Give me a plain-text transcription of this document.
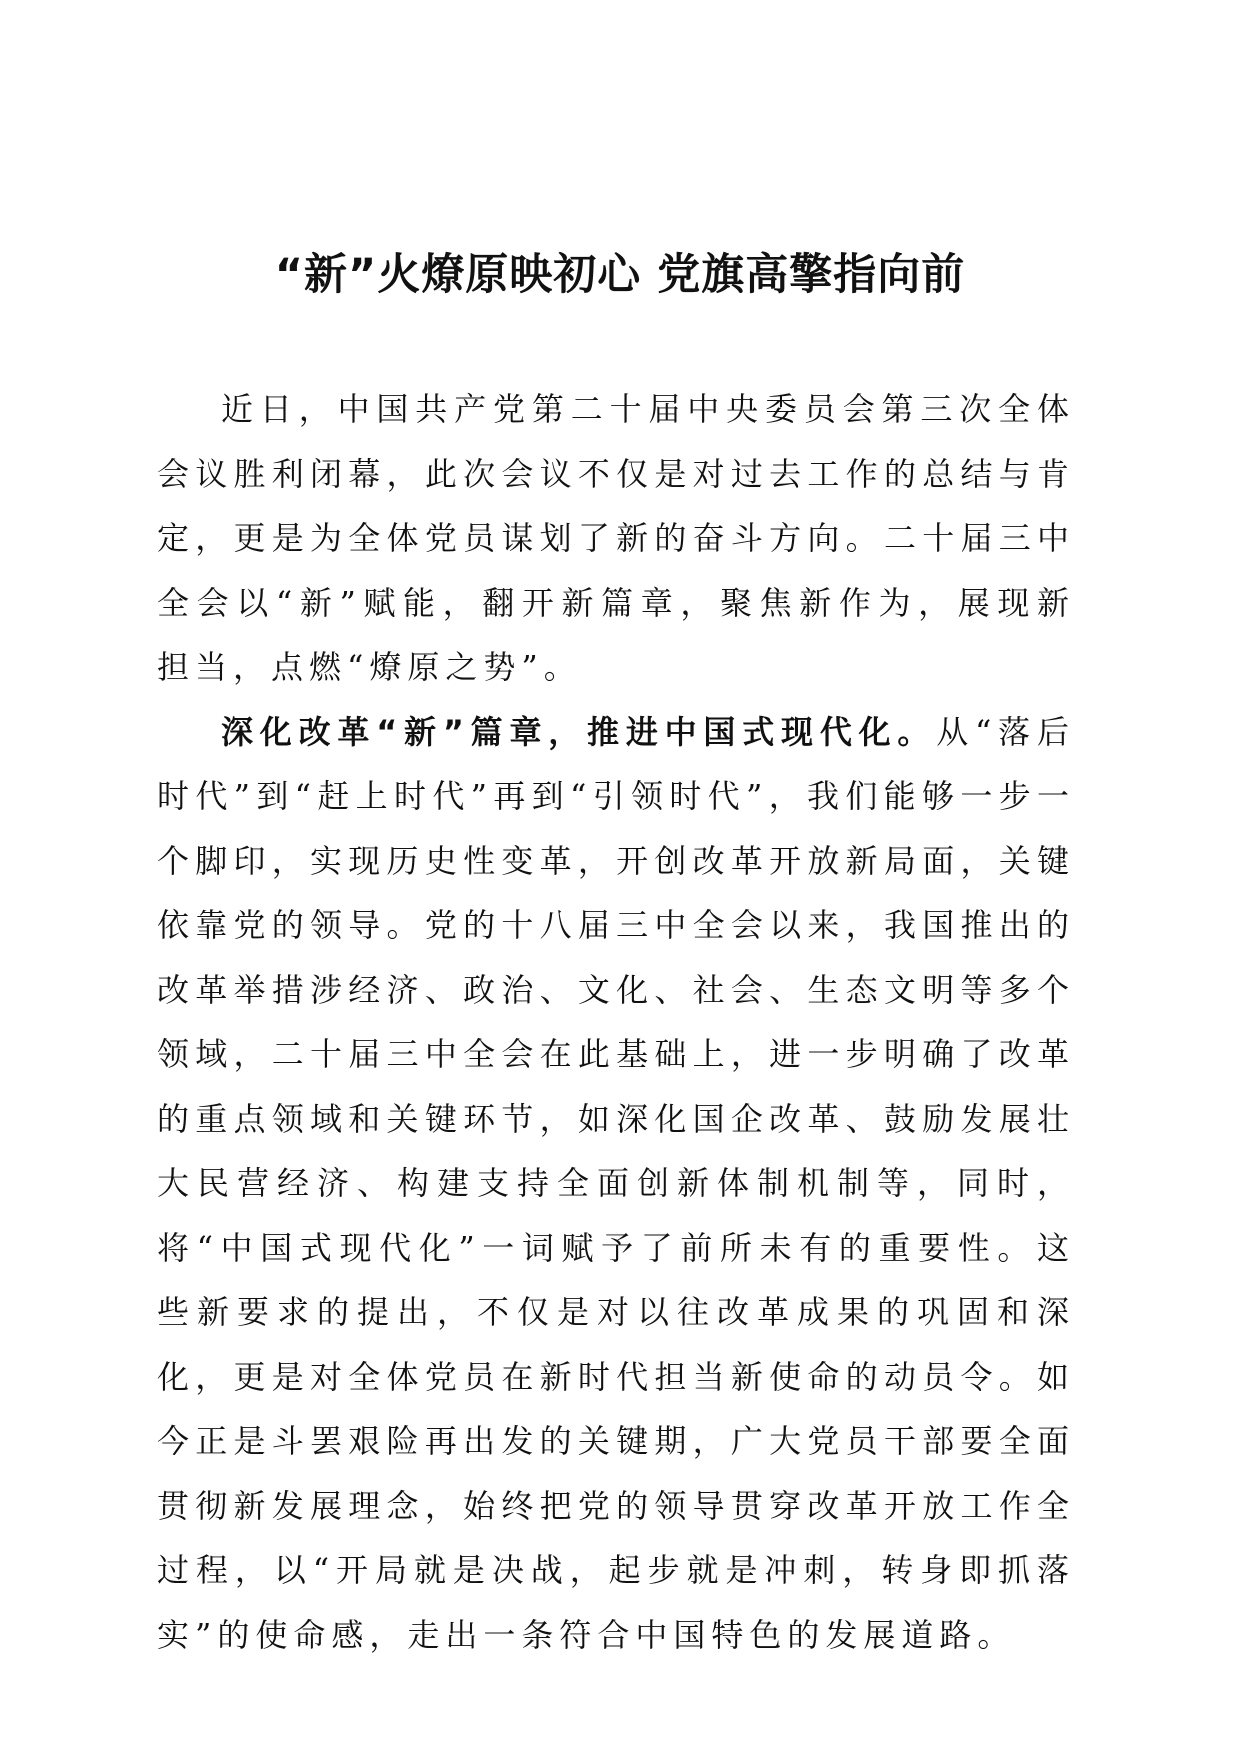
“新”火燎原映初心 党旗高擎指向前

近日，中国共产党第二十届中央委员会第三次全体会议胜利闭幕，此次会议不仅是对过去工作的总结与肯定，更是为全体党员谋划了新的奋斗方向。二十届三中全会以“新”赋能，翻开新篇章，聚焦新作为，展现新担当，点燃“燎原之势”。

深化改革“新”篇章，推进中国式现代化。从“落后时代”到“赶上时代”再到“引领时代”，我们能够一步一个脚印，实现历史性变革，开创改革开放新局面，关键依靠党的领导。党的十八届三中全会以来，我国推出的改革举措涉经济、政治、文化、社会、生态文明等多个领域，二十届三中全会在此基础上，进一步明确了改革的重点领域和关键环节，如深化国企改革、鼓励发展壮大民营经济、构建支持全面创新体制机制等，同时，将“中国式现代化”一词赋予了前所未有的重要性。这些新要求的提出，不仅是对以往改革成果的巩固和深化，更是对全体党员在新时代担当新使命的动员令。如今正是斗罢艰险再出发的关键期，广大党员干部要全面贯彻新发展理念，始终把党的领导贯穿改革开放工作全过程，以“开局就是决战，起步就是冲刺，转身即抓落实”的使命感，走出一条符合中国特色的发展道路。
